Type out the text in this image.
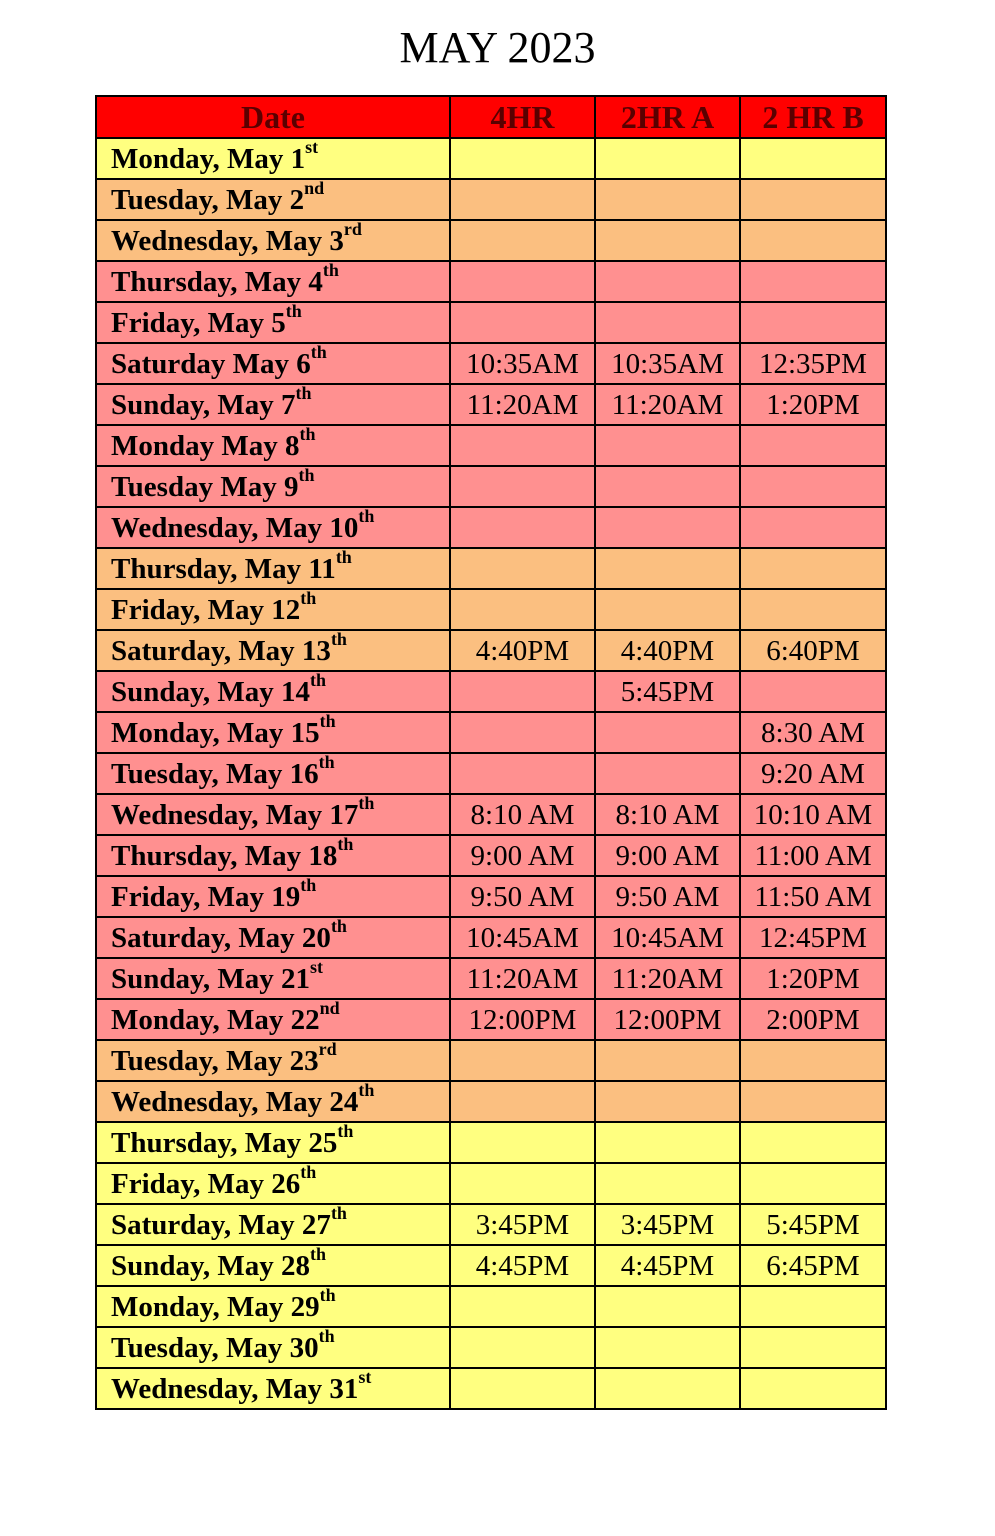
MAY 2023
Date	4HR	2HR A	2 HR B
Monday, May 1st			
Tuesday, May 2nd			
Wednesday, May 3rd			
Thursday, May 4th			
Friday, May 5th			
Saturday May 6th	10:35AM	10:35AM	12:35PM
Sunday, May 7th	11:20AM	11:20AM	1:20PM
Monday May 8th			
Tuesday May 9th			
Wednesday, May 10th			
Thursday, May 11th			
Friday, May 12th			
Saturday, May 13th	4:40PM	4:40PM	6:40PM
Sunday, May 14th		5:45PM	
Monday, May 15th			8:30 AM
Tuesday, May 16th			9:20 AM
Wednesday, May 17th	8:10 AM	8:10 AM	10:10 AM
Thursday, May 18th	9:00 AM	9:00 AM	11:00 AM
Friday, May 19th	9:50 AM	9:50 AM	11:50 AM
Saturday, May 20th	10:45AM	10:45AM	12:45PM
Sunday, May 21st	11:20AM	11:20AM	1:20PM
Monday, May 22nd	12:00PM	12:00PM	2:00PM
Tuesday, May 23rd			
Wednesday, May 24th			
Thursday, May 25th			
Friday, May 26th			
Saturday, May 27th	3:45PM	3:45PM	5:45PM
Sunday, May 28th	4:45PM	4:45PM	6:45PM
Monday, May 29th			
Tuesday, May 30th			
Wednesday, May 31st			
